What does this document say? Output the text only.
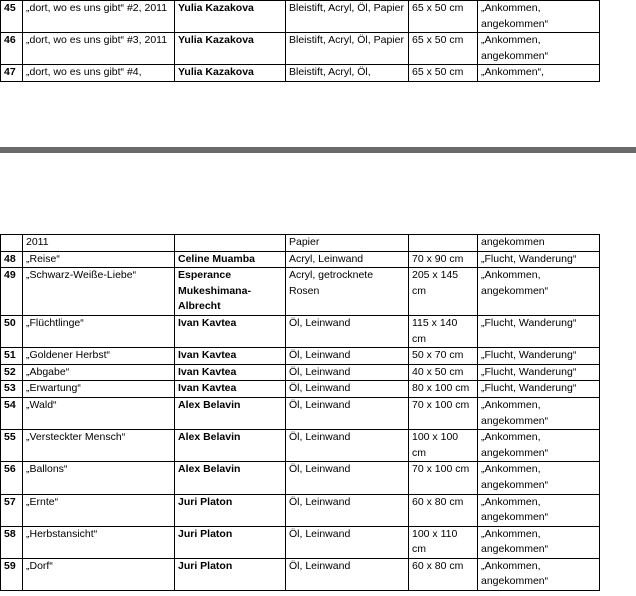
45	„dort, wo es uns gibt“ #2, 2011	Yulia Kazakova	Bleistift, Acryl, Öl, Papier	65 x 50 cm	„Ankommen, angekommen“
46	„dort, wo es uns gibt“ #3, 2011	Yulia Kazakova	Bleistift, Acryl, Öl, Papier	65 x 50 cm	„Ankommen, angekommen“
47	„dort, wo es uns gibt“ #4,	Yulia Kazakova	Bleistift, Acryl, Öl,	65 x 50 cm	„Ankommen“,
	2011		Papier		angekommen
48	„Reise“	Celine Muamba	Acryl, Leinwand	70 x 90 cm	„Flucht, Wanderung“
49	„Schwarz-Weiße-Liebe“	Esperance Mukeshimana-Albrecht	Acryl, getrocknete Rosen	205 x 145 cm	„Ankommen, angekommen“
50	„Flüchtlinge“	Ivan Kavtea	Öl, Leinwand	115 x 140 cm	„Flucht, Wanderung“
51	„Goldener Herbst“	Ivan Kavtea	Öl, Leinwand	50 x 70 cm	„Flucht, Wanderung“
52	„Abgabe“	Ivan Kavtea	Öl, Leinwand	40 x 50 cm	„Flucht, Wanderung“
53	„Erwartung“	Ivan Kavtea	Öl, Leinwand	80 x 100 cm	„Flucht, Wanderung“
54	„Wald“	Alex Belavin	Öl, Leinwand	70 x 100 cm	„Ankommen, angekommen“
55	„Versteckter Mensch“	Alex Belavin	Öl, Leinwand	100 x 100 cm	„Ankommen, angekommen“
56	„Ballons“	Alex Belavin	Öl, Leinwand	70 x 100 cm	„Ankommen, angekommen“
57	„Ernte“	Juri Platon	Öl, Leinwand	60 x 80 cm	„Ankommen, angekommen“
58	„Herbstansicht“	Juri Platon	Öl, Leinwand	100 x 110 cm	„Ankommen, angekommen“
59	„Dorf“	Juri Platon	Öl, Leinwand	60 x 80 cm	„Ankommen, angekommen“
